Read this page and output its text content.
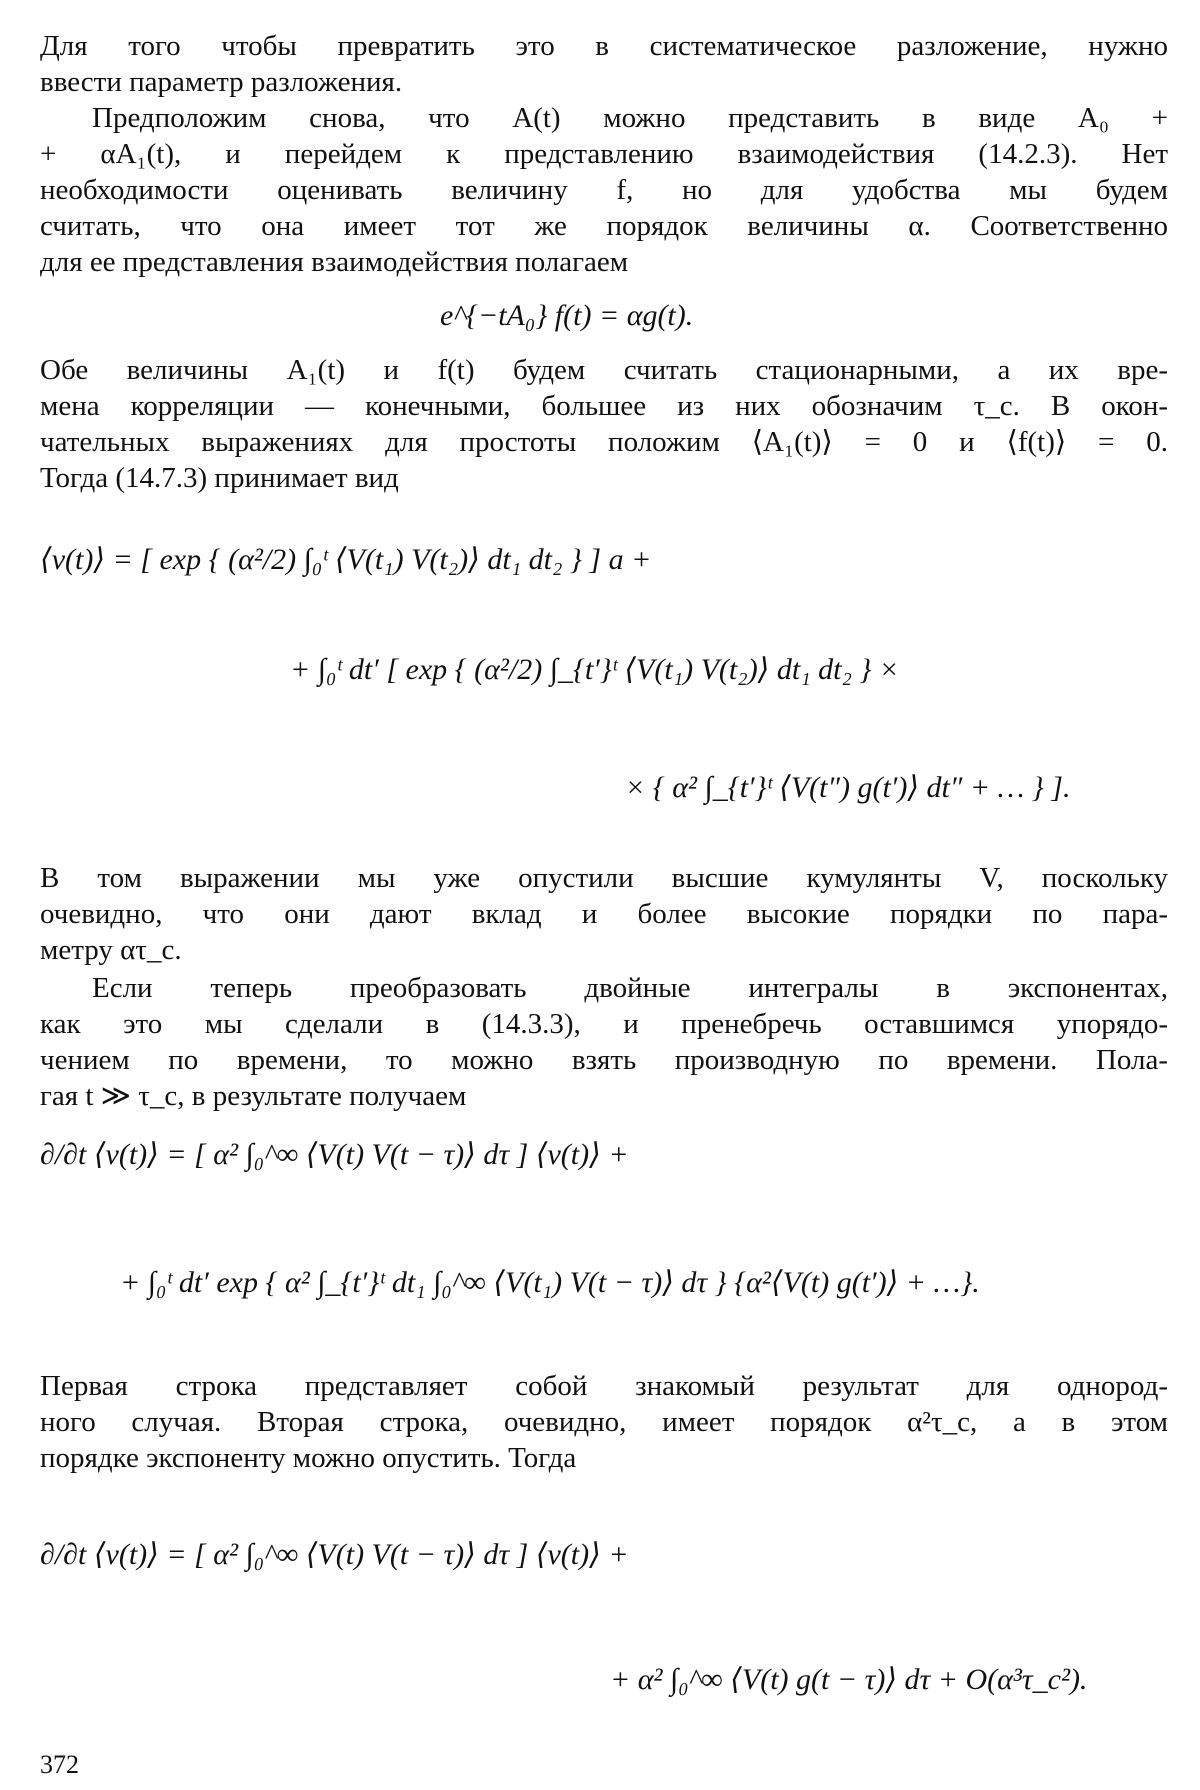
Для того чтобы превратить это в систематическое разложение, нужно
ввести параметр разложения.

Предположим снова, что A(t) можно представить в виде A₀ +
+ αA₁(t), и перейдем к представлению взаимодействия (14.2.3). Нет
необходимости оценивать величину f, но для удобства мы будем
считать, что она имеет тот же порядок величины α. Соответственно
для ее представления взаимодействия полагаем

e^{−tA₀} f(t) = αg(t).

Обе величины A₁(t) и f(t) будем считать стационарными, а их вре-
мена корреляции — конечными, большее из них обозначим τ_c. В окон-
чательных выражениях для простоты положим ⟨A₁(t)⟩ = 0 и ⟨f(t)⟩ = 0.
Тогда (14.7.3) принимает вид

⟨v(t)⟩ = [ exp { (α²/2) ∫₀ᵗ ⟨V(t₁) V(t₂)⟩ dt₁ dt₂ } ] a +
+ ∫₀ᵗ dt′ [ exp { (α²/2) ∫_{t′}ᵗ ⟨V(t₁) V(t₂)⟩ dt₁ dt₂ } ×
× { α² ∫_{t′}ᵗ ⟨V(t″) g(t′)⟩ dt″ + … } ].

В том выражении мы уже опустили высшие кумулянты V, поскольку
очевидно, что они дают вклад и более высокие порядки по пара-
метру ατ_c.

Если теперь преобразовать двойные интегралы в экспонентах,
как это мы сделали в (14.3.3), и пренебречь оставшимся упорядо-
чением по времени, то можно взять производную по времени. Пола-
гая t ≫ τ_c, в результате получаем

∂/∂t ⟨v(t)⟩ = [ α² ∫₀^∞ ⟨V(t) V(t − τ)⟩ dτ ] ⟨v(t)⟩ +
+ ∫₀ᵗ dt′ exp { α² ∫_{t′}ᵗ dt₁ ∫₀^∞ ⟨V(t₁) V(t − τ)⟩ dτ } {α²⟨V(t) g(t′)⟩ + …}.

Первая строка представляет собой знакомый результат для однород-
ного случая. Вторая строка, очевидно, имеет порядок α²τ_c, а в этом
порядке экспоненту можно опустить. Тогда

∂/∂t ⟨v(t)⟩ = [ α² ∫₀^∞ ⟨V(t) V(t − τ)⟩ dτ ] ⟨v(t)⟩ +
+ α² ∫₀^∞ ⟨V(t) g(t − τ)⟩ dτ + O(α³τ_c²).
372
